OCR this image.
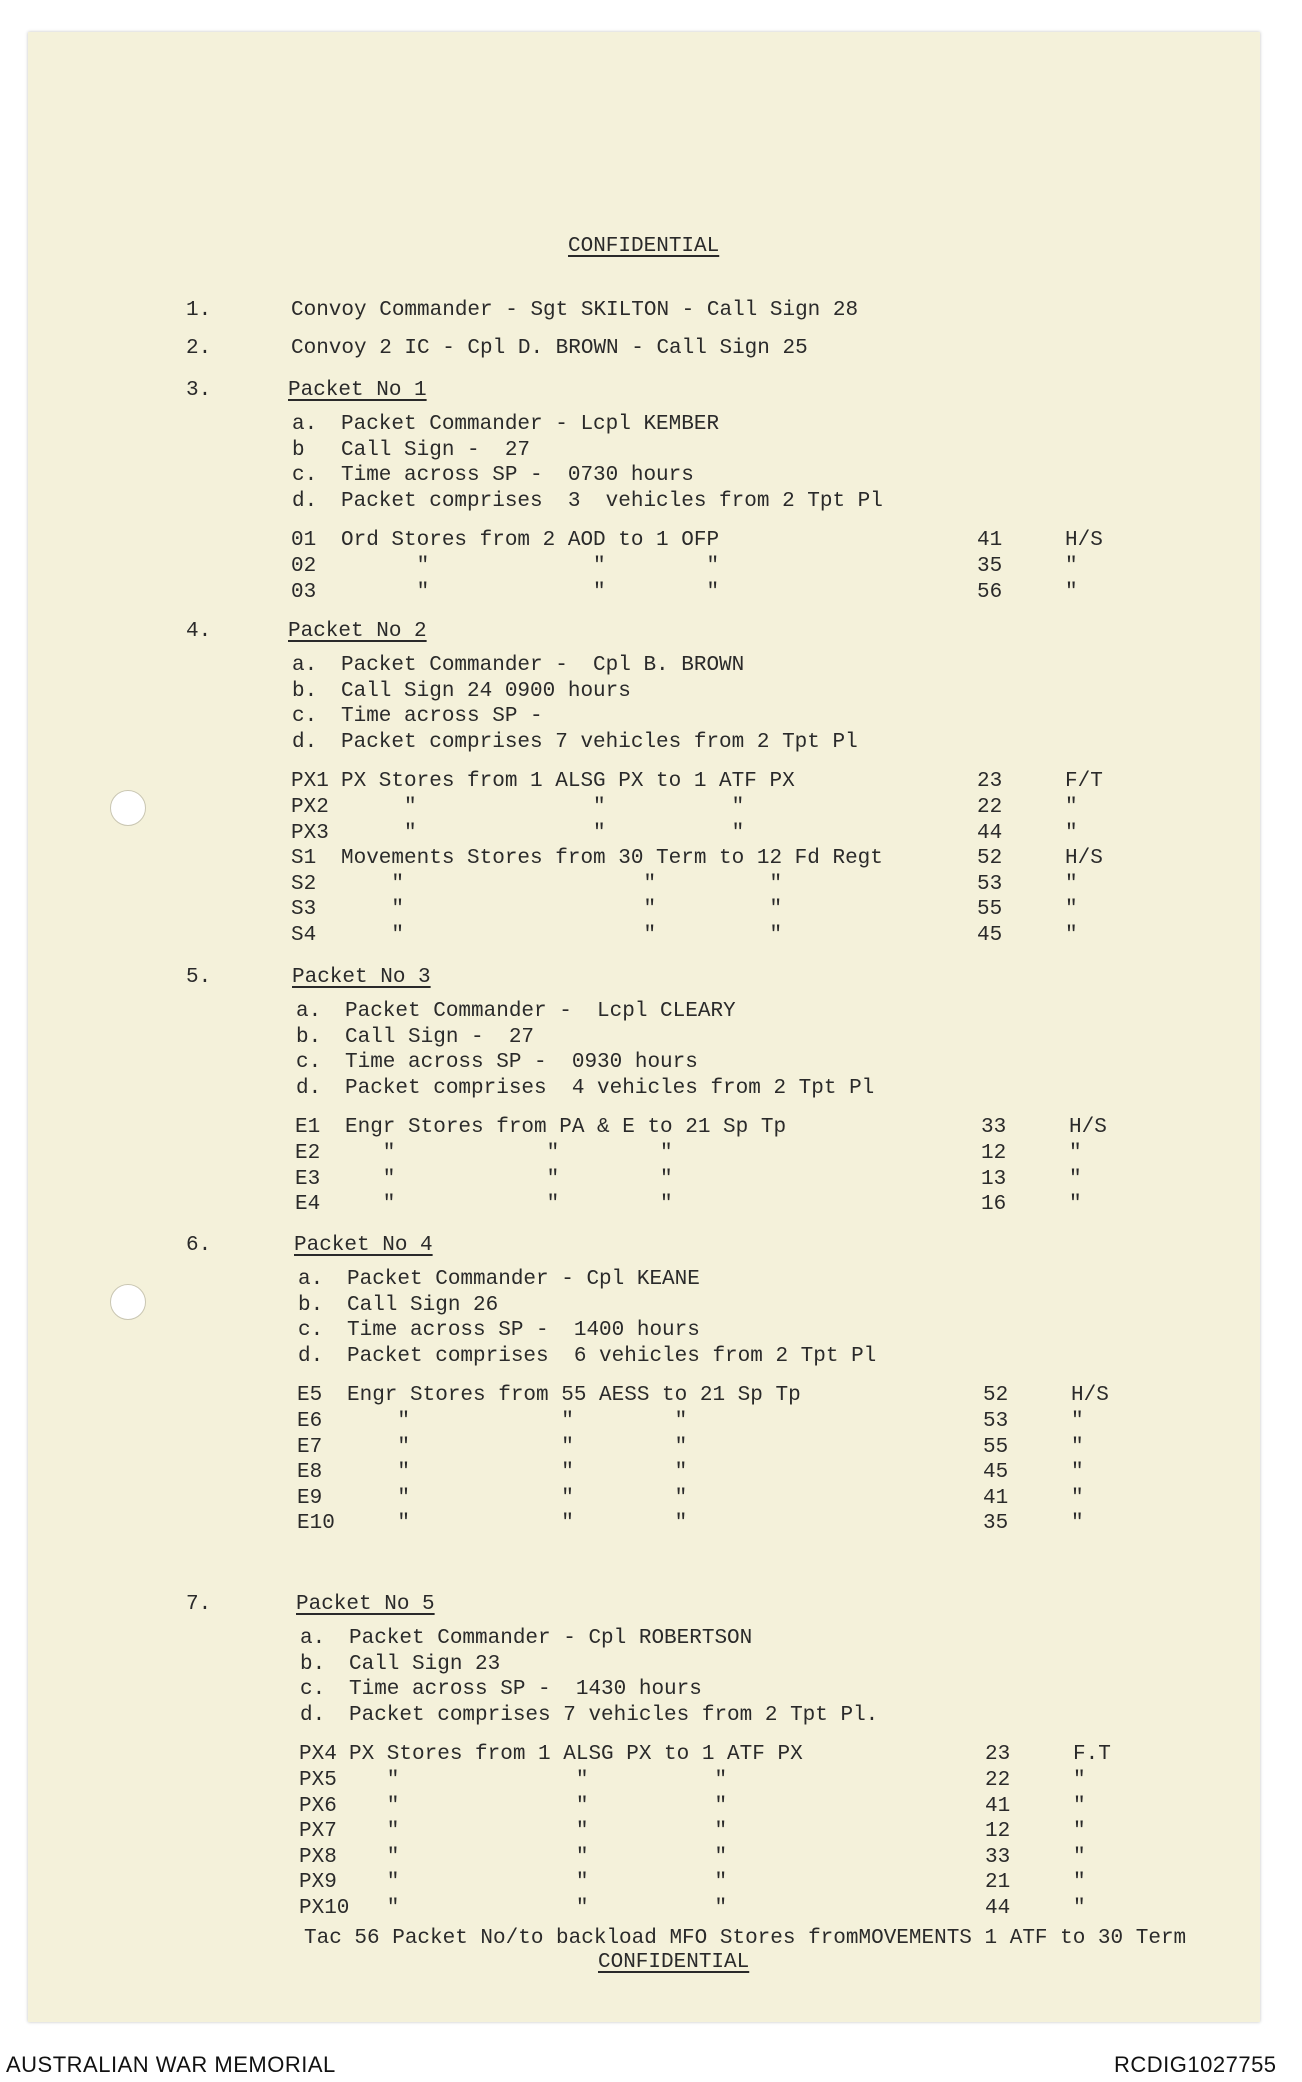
CONFIDENTIAL
CONFIDENTIAL
Tac 56 Packet No/to backload MFO Stores fromMOVEMENTS 1 ATF to 30 Term
1.	Convoy Commander - Sgt SKILTON - Call Sign 28
2.	Convoy 2 IC - Cpl D. BROWN - Call Sign 25
3.	Packet No 1
a. Packet Commander - Lcpl KEMBER
b Call Sign -  27
c. Time across SP -  0730 hours
d. Packet comprises  3  vehicles from 2 Tpt Pl
01 Ord Stores from 2 AOD to 1 OFP	41	H/S
02 "             "        "	35	"
03 "             "        "	56	"
4.	Packet No 2
a. Packet Commander -  Cpl B. BROWN
b. Call Sign 24 0900 hours
c. Time across SP -
d. Packet comprises 7 vehicles from 2 Tpt Pl
PX1 PX Stores from 1 ALSG PX to 1 ATF PX	23	F/T
PX2 "              "          "	22	"
PX3 "              "          "	44	"
S1 Movements Stores from 30 Term to 12 Fd Regt	52	H/S
S2 "                   "         "	53	"
S3 "                   "         "	55	"
S4 "                   "         "	45	"
5.	Packet No 3
a. Packet Commander -  Lcpl CLEARY
b. Call Sign -  27
c. Time across SP -  0930 hours
d. Packet comprises  4 vehicles from 2 Tpt Pl
E1 Engr Stores from PA & E to 21 Sp Tp	33	H/S
E2 "            "        "	12	"
E3 "            "        "	13	"
E4 "            "        "	16	"
6.	Packet No 4
a. Packet Commander - Cpl KEANE
b. Call Sign 26
c. Time across SP -  1400 hours
d. Packet comprises  6 vehicles from 2 Tpt Pl
E5 Engr Stores from 55 AESS to 21 Sp Tp	52	H/S
E6 "            "        "	53	"
E7 "            "        "	55	"
E8 "            "        "	45	"
E9 "            "        "	41	"
E10 "            "        "	35	"
7.	Packet No 5
a. Packet Commander - Cpl ROBERTSON
b. Call Sign 23
c. Time across SP -  1430 hours
d. Packet comprises 7 vehicles from 2 Tpt Pl.
PX4 PX Stores from 1 ALSG PX to 1 ATF PX	23	F.T
PX5 "              "          "	22	"
PX6 "              "          "	41	"
PX7 "              "          "	12	"
PX8 "              "          "	33	"
PX9 "              "          "	21	"
PX10 "              "          "	44	"
AUSTRALIAN WAR MEMORIAL	RCDIG1027755
